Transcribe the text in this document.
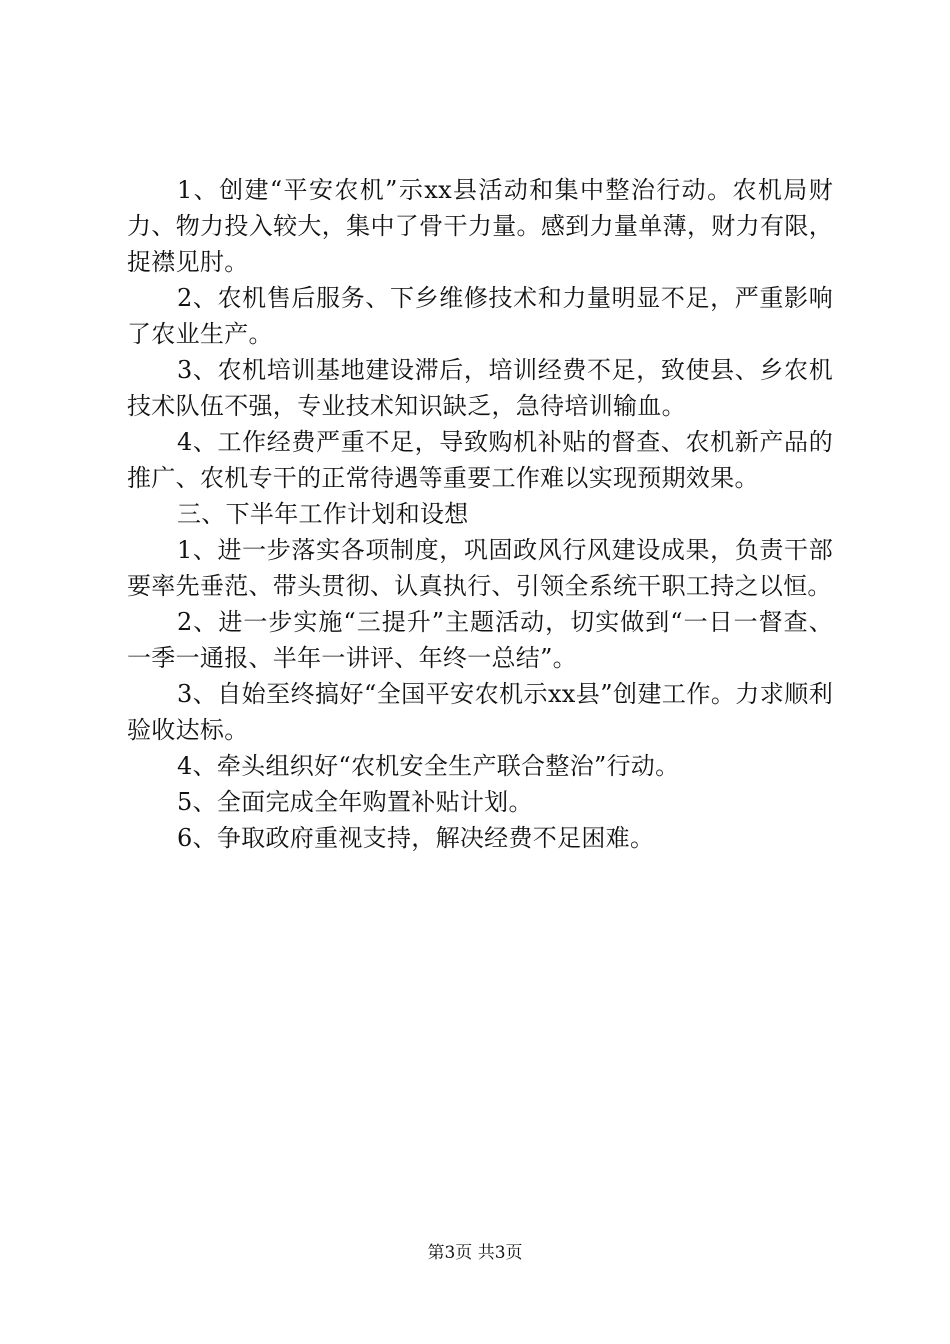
1、创建“平安农机”示xx县活动和集中整治行动。农机局财力、物力投入较大，集中了骨干力量。感到力量单薄，财力有限，捉襟见肘。

2、农机售后服务、下乡维修技术和力量明显不足，严重影响了农业生产。

3、农机培训基地建设滞后，培训经费不足，致使县、乡农机技术队伍不强，专业技术知识缺乏，急待培训输血。

4、工作经费严重不足，导致购机补贴的督查、农机新产品的推广、农机专干的正常待遇等重要工作难以实现预期效果。

三、下半年工作计划和设想

1、进一步落实各项制度，巩固政风行风建设成果，负责干部要率先垂范、带头贯彻、认真执行、引领全系统干职工持之以恒。

2、进一步实施“三提升”主题活动，切实做到“一日一督查、一季一通报、半年一讲评、年终一总结”。

3、自始至终搞好“全国平安农机示xx县”创建工作。力求顺利验收达标。

4、牵头组织好“农机安全生产联合整治”行动。

5、全面完成全年购置补贴计划。

6、争取政府重视支持，解决经费不足困难。

第3页 共3页
